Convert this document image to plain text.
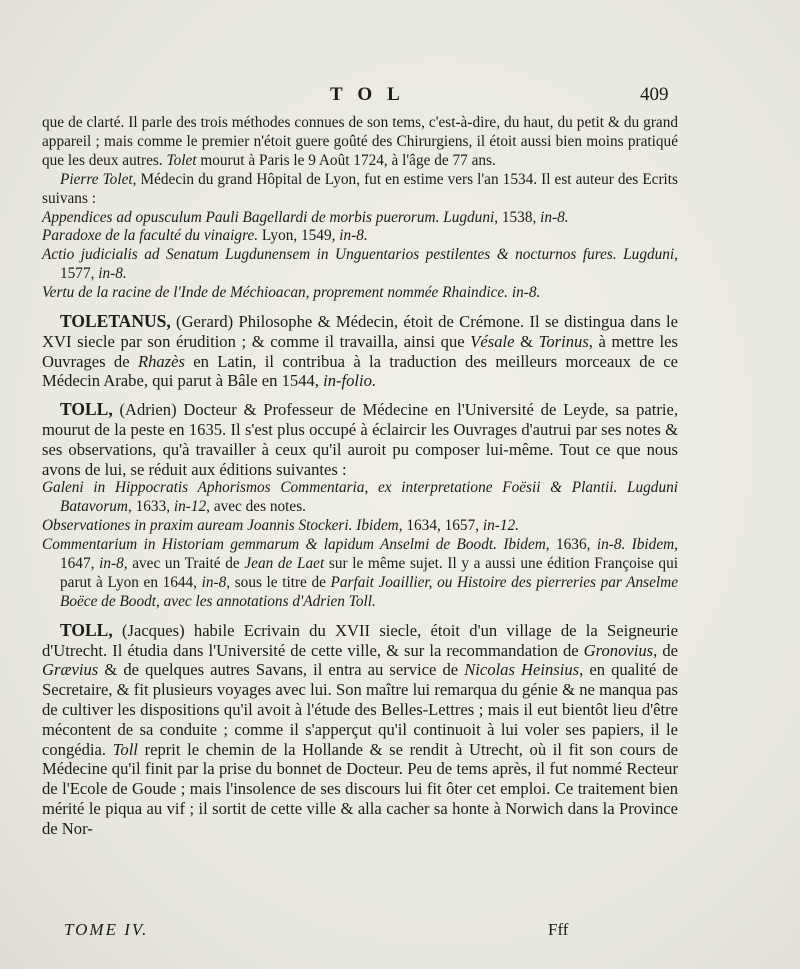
TOL	409

que de clarté. Il parle des trois méthodes connues de son tems, c'est-à-dire, du haut, du petit & du grand appareil ; mais comme le premier n'étoit guere goûté des Chirurgiens, il étoit aussi bien moins pratiqué que les deux autres. Tolet mourut à Paris le 9 Août 1724, à l'âge de 77 ans.

Pierre Tolet, Médecin du grand Hôpital de Lyon, fut en estime vers l'an 1534. Il est auteur des Ecrits suivans :

Appendices ad opusculum Pauli Bagellardi de morbis puerorum. Lugduni, 1538, in-8.

Paradoxe de la faculté du vinaigre. Lyon, 1549, in-8.

Actio judicialis ad Senatum Lugdunensem in Unguentarios pestilentes & nocturnos fures. Lugduni, 1577, in-8.

Vertu de la racine de l'Inde de Méchioacan, proprement nommée Rhaindice. in-8.

TOLETANUS, (Gerard) Philosophe & Médecin, étoit de Crémone. Il se distingua dans le XVI siecle par son érudition ; & comme il travailla, ainsi que Vésale & Torinus, à mettre les Ouvrages de Rhazès en Latin, il contribua à la traduction des meilleurs morceaux de ce Médecin Arabe, qui parut à Bâle en 1544, in-folio.

TOLL, (Adrien) Docteur & Professeur de Médecine en l'Université de Leyde, sa patrie, mourut de la peste en 1635. Il s'est plus occupé à éclaircir les Ouvrages d'autrui par ses notes & ses observations, qu'à travailler à ceux qu'il auroit pu composer lui-même. Tout ce que nous avons de lui, se réduit aux éditions suivantes :

Galeni in Hippocratis Aphorismos Commentaria, ex interpretatione Foësii & Plantii. Lugduni Batavorum, 1633, in-12, avec des notes.

Observationes in praxim auream Joannis Stockeri. Ibidem, 1634, 1657, in-12.

Commentarium in Historiam gemmarum & lapidum Anselmi de Boodt. Ibidem, 1636, in-8. Ibidem, 1647, in-8, avec un Traité de Jean de Laet sur le même sujet. Il y a aussi une édition Françoise qui parut à Lyon en 1644, in-8, sous le titre de Parfait Joaillier, ou Histoire des pierreries par Anselme Boëce de Boodt, avec les annotations d'Adrien Toll.

TOLL, (Jacques) habile Ecrivain du XVII siecle, étoit d'un village de la Seigneurie d'Utrecht. Il étudia dans l'Université de cette ville, & sur la recommandation de Gronovius, de Grævius & de quelques autres Savans, il entra au service de Nicolas Heinsius, en qualité de Secretaire, & fit plusieurs voyages avec lui. Son maître lui remarqua du génie & ne manqua pas de cultiver les dispositions qu'il avoit à l'étude des Belles-Lettres ; mais il eut bientôt lieu d'être mécontent de sa conduite ; comme il s'apperçut qu'il continuoit à lui voler ses papiers, il le congédia. Toll reprit le chemin de la Hollande & se rendit à Utrecht, où il fit son cours de Médecine qu'il finit par la prise du bonnet de Docteur. Peu de tems après, il fut nommé Recteur de l'Ecole de Goude ; mais l'insolence de ses discours lui fit ôter cet emploi. Ce traitement bien mérité le piqua au vif ; il sortit de cette ville & alla cacher sa honte à Norwich dans la Province de Nor-

TOME IV.	Fff
